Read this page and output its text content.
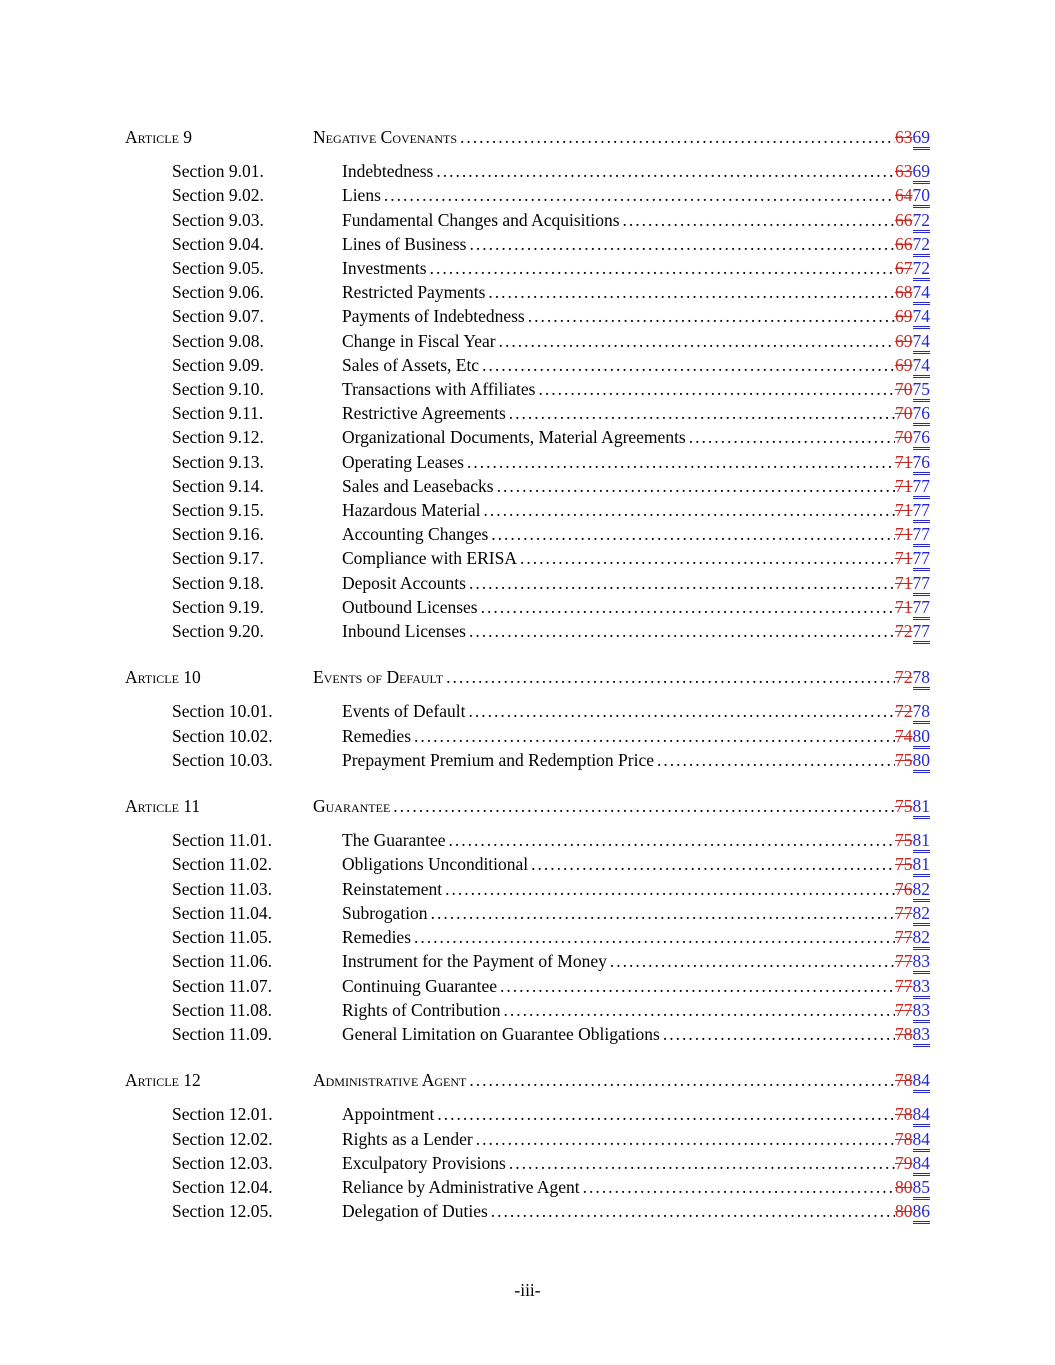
Article 9	Negative Covenants .....	6369
Section 9.01.	Indebtedness .....	6369
Section 9.02.	Liens .....	6470
Section 9.03.	Fundamental Changes and Acquisitions .....	6672
Section 9.04.	Lines of Business .....	6672
Section 9.05.	Investments .....	6772
Section 9.06.	Restricted Payments .....	6874
Section 9.07.	Payments of Indebtedness .....	6974
Section 9.08.	Change in Fiscal Year .....	6974
Section 9.09.	Sales of Assets, Etc .....	6974
Section 9.10.	Transactions with Affiliates .....	7075
Section 9.11.	Restrictive Agreements .....	7076
Section 9.12.	Organizational Documents, Material Agreements .....	7076
Section 9.13.	Operating Leases .....	7176
Section 9.14.	Sales and Leasebacks .....	7177
Section 9.15.	Hazardous Material .....	7177
Section 9.16.	Accounting Changes .....	7177
Section 9.17.	Compliance with ERISA .....	7177
Section 9.18.	Deposit Accounts .....	7177
Section 9.19.	Outbound Licenses .....	7177
Section 9.20.	Inbound Licenses .....	7277
Article 10	Events of Default .....	7278
Section 10.01.	Events of Default .....	7278
Section 10.02.	Remedies .....	7480
Section 10.03.	Prepayment Premium and Redemption Price .....	7580
Article 11	Guarantee .....	7581
Section 11.01.	The Guarantee .....	7581
Section 11.02.	Obligations Unconditional .....	7581
Section 11.03.	Reinstatement .....	7682
Section 11.04.	Subrogation .....	7782
Section 11.05.	Remedies .....	7782
Section 11.06.	Instrument for the Payment of Money .....	7783
Section 11.07.	Continuing Guarantee .....	7783
Section 11.08.	Rights of Contribution .....	7783
Section 11.09.	General Limitation on Guarantee Obligations .....	7883
Article 12	Administrative Agent .....	7884
Section 12.01.	Appointment .....	7884
Section 12.02.	Rights as a Lender .....	7884
Section 12.03.	Exculpatory Provisions .....	7984
Section 12.04.	Reliance by Administrative Agent .....	8085
Section 12.05.	Delegation of Duties .....	8086
-iii-
